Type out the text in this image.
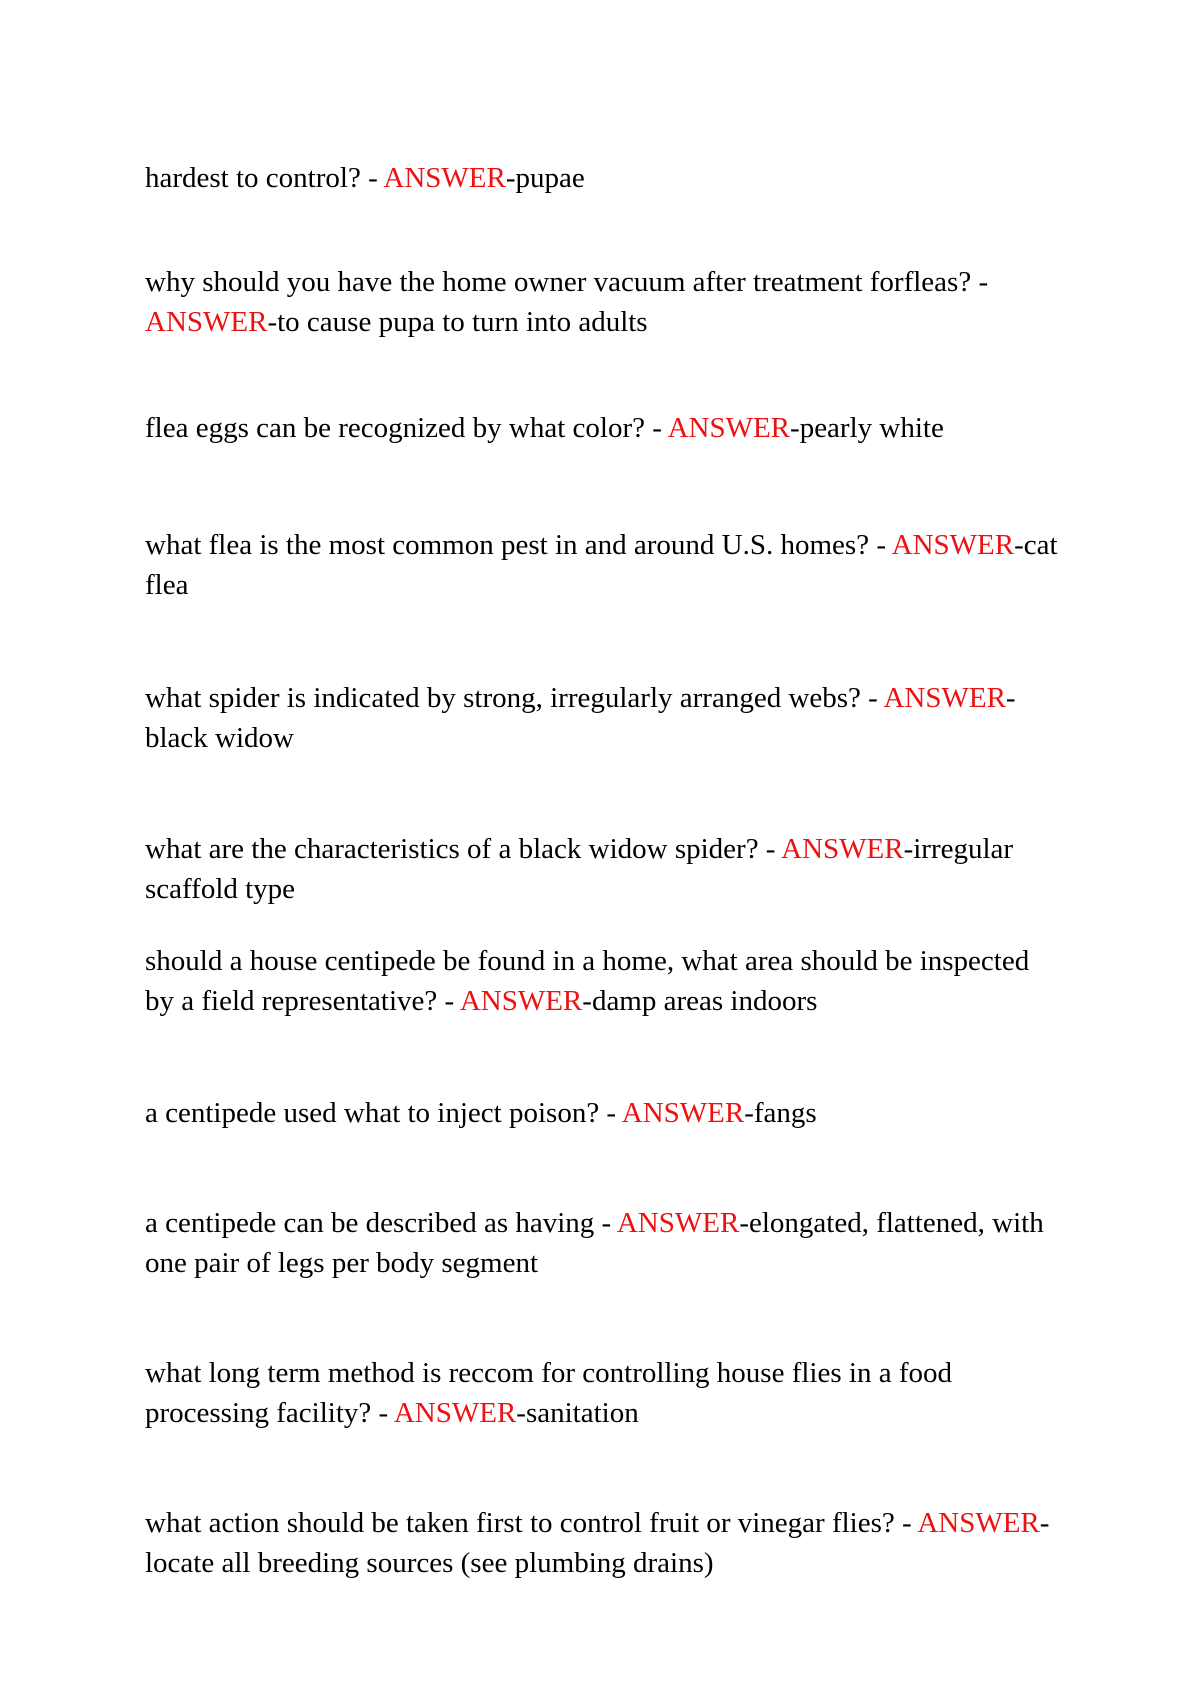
hardest to control? - ANSWER-pupae

why should you have the home owner vacuum after treatment forfleas? - ANSWER-to cause pupa to turn into adults

flea eggs can be recognized by what color? - ANSWER-pearly white

what flea is the most common pest in and around U.S. homes? - ANSWER-cat flea

what spider is indicated by strong, irregularly arranged webs? - ANSWER-black widow

what are the characteristics of a black widow spider? - ANSWER-irregular scaffold type

should a house centipede be found in a home, what area should be inspected by a field representative? - ANSWER-damp areas indoors

a centipede used what to inject poison? - ANSWER-fangs

a centipede can be described as having - ANSWER-elongated, flattened, with one pair of legs per body segment

what long term method is reccom for controlling house flies in a food processing facility? - ANSWER-sanitation

what action should be taken first to control fruit or vinegar flies? - ANSWER-locate all breeding sources (see plumbing drains)
